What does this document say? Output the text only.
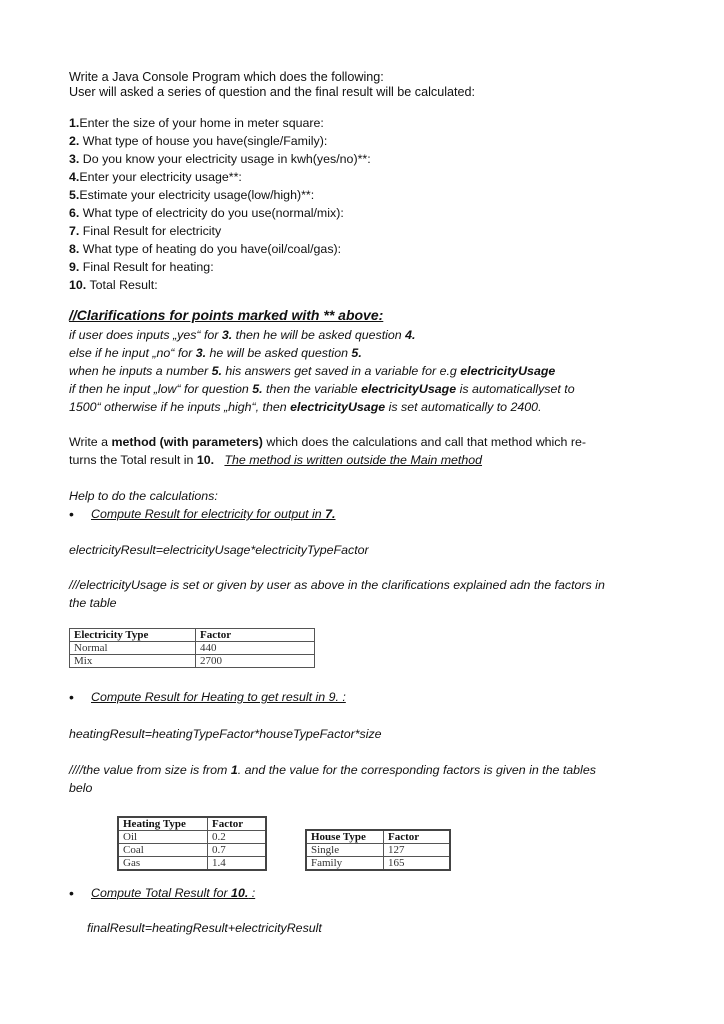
Write a Java Console Program which does the following:
User will asked a series of question and the final result will be calculated:
1.Enter the size of your home in meter square:
2. What type of house you have(single/Family):
3. Do you know your electricity usage in kwh(yes/no)**:
4.Enter your electricity usage**:
5.Estimate your electricity usage(low/high)**:
6. What type of electricity do you use(normal/mix):
7. Final Result for electricity
8. What type of heating do you have(oil/coal/gas):
9. Final Result for heating:
10. Total Result:
//Clarifications for points marked with ** above:
if user does inputs „yes“ for 3. then he will be asked question 4.
else if he input „no“ for 3. he will be asked question 5.
when he inputs a number 5. his answers get saved in a variable for e.g electricityUsage
if then he input „low“ for question 5. then the variable electricityUsage is automaticallyset to
1500“ otherwise if he inputs „high“, then electricityUsage is set automatically to 2400.
Write a method (with parameters) which does the calculations and call that method which re-
turns the Total result in 10. The method is written outside the Main method
Help to do the calculations:
• Compute Result for electricity for output in 7.
electricityResult=electricityUsage*electricityTypeFactor
///electricityUsage is set or given by user as above in the clarifications explained adn the factors in
the table
Electricity Type	Factor
Normal	440
Mix	2700
• Compute Result for Heating to get result in 9. :
heatingResult=heatingTypeFactor*houseTypeFactor*size
////the value from size is from 1. and the value for the corresponding factors is given in the tables
belo
Heating Type	Factor
Oil	0.2
Coal	0.7
Gas	1.4
House Type	Factor
Single	127
Family	165
• Compute Total Result for 10. :
finalResult=heatingResult+electricityResult
